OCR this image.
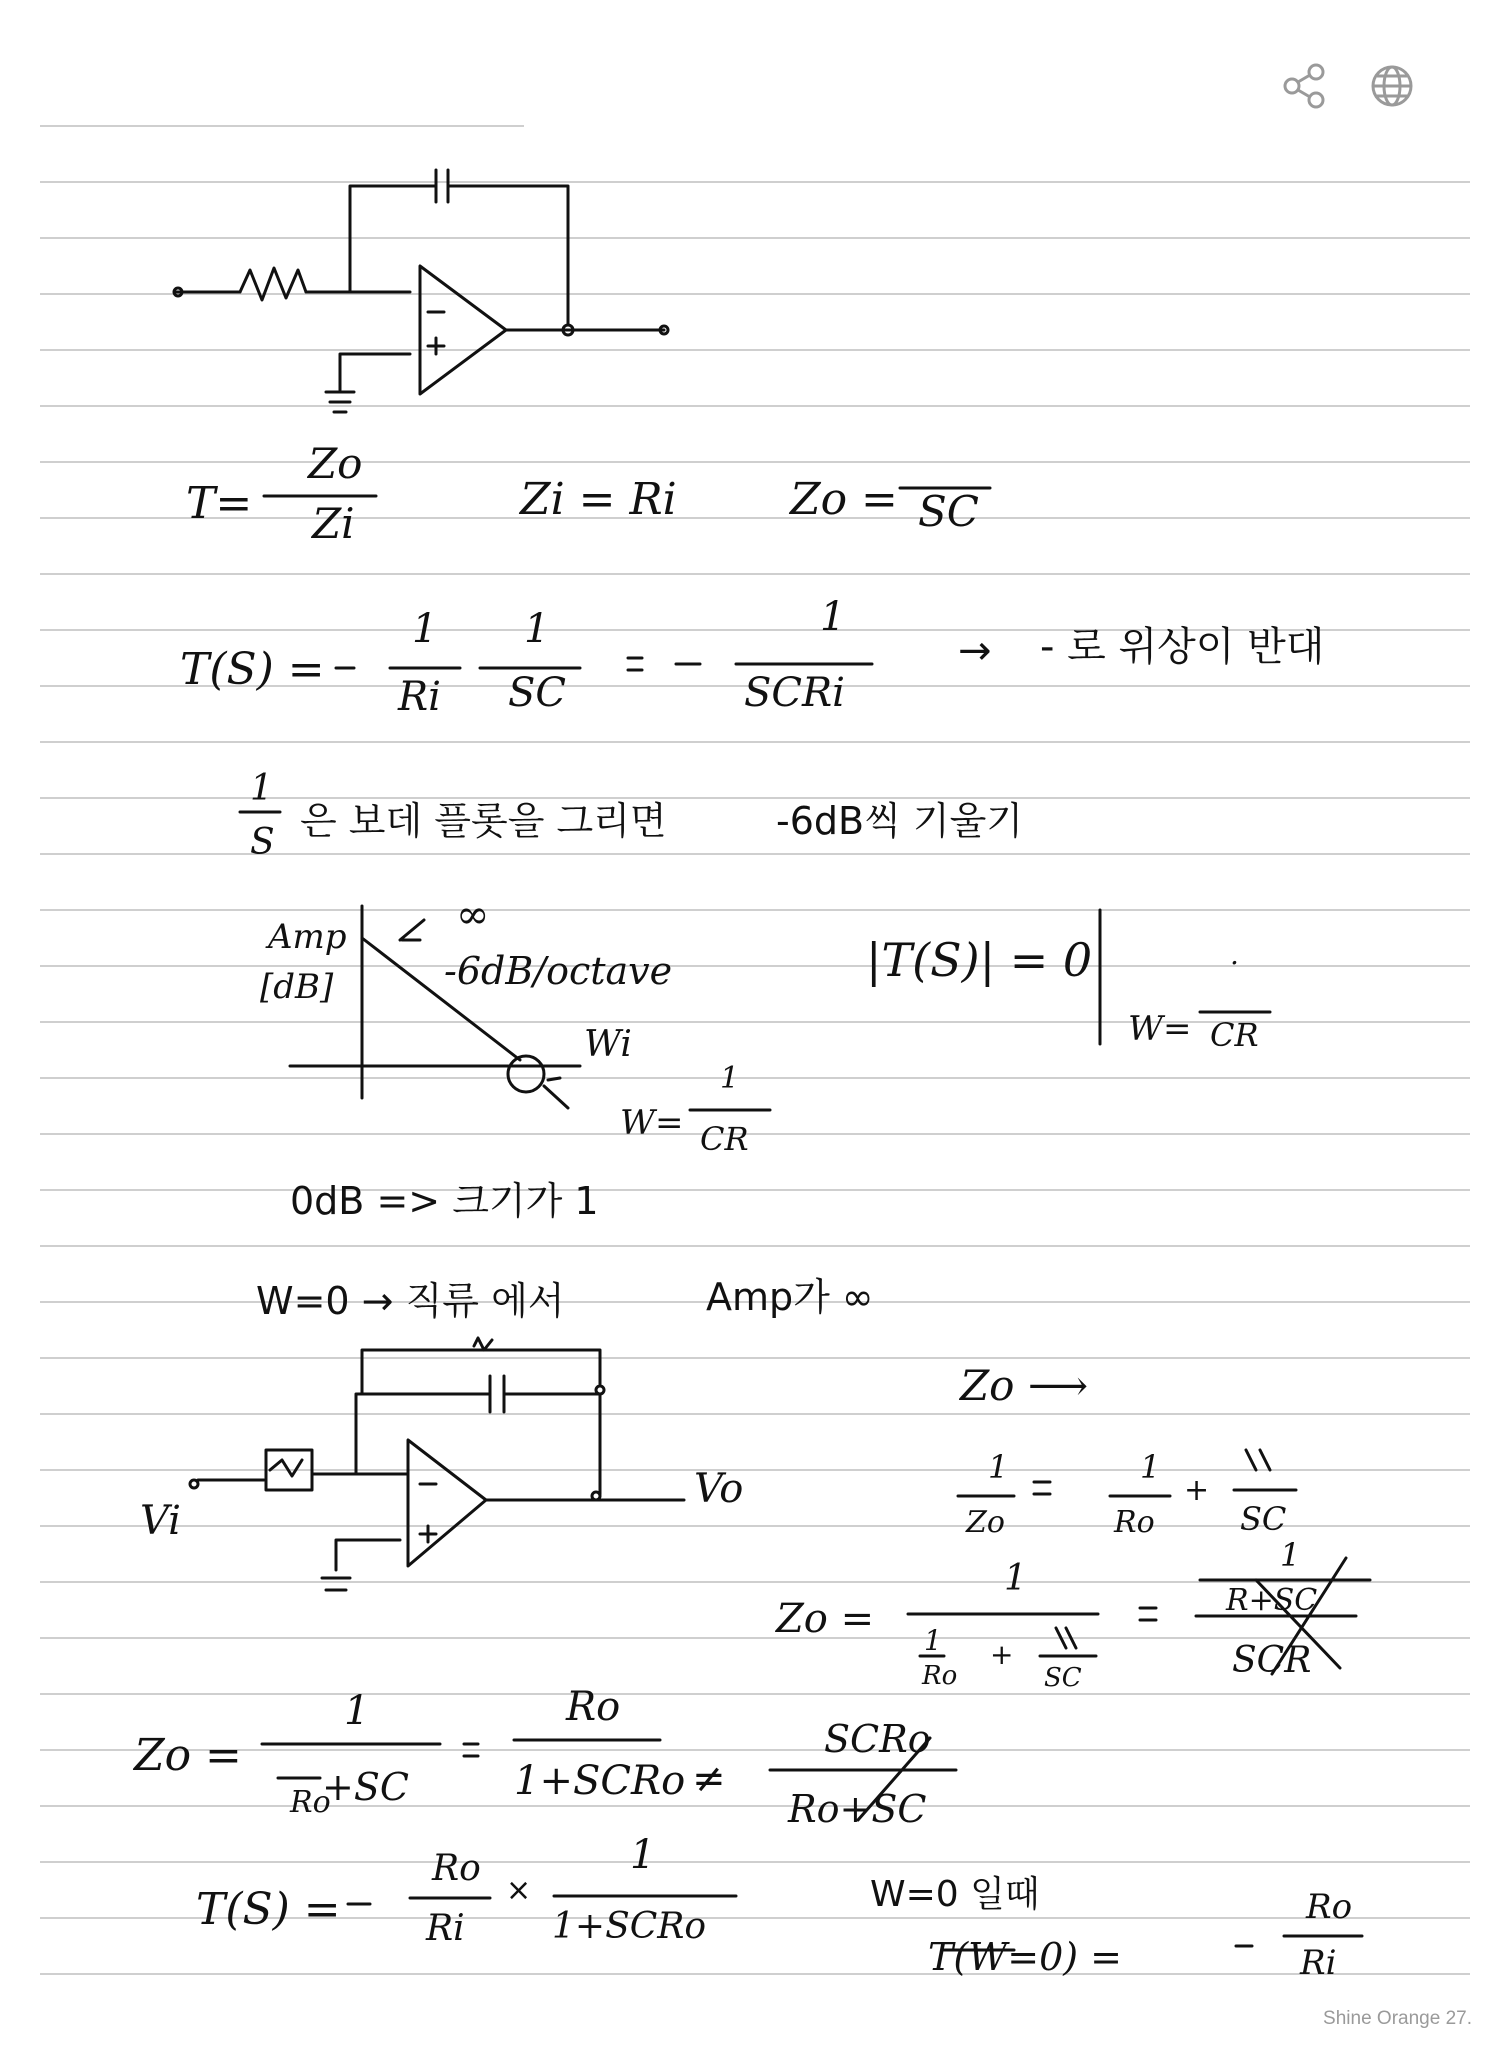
T=
Zo
Zi	Zi = Ri	Zo = SC
T(S) =
1
Ri
1
SC
1
SCRi
→ - 로 위상이 반대
1
S 은 보데 플롯을 그리면	-6dB씩 기울기
Amp
[dB]
∞
-6dB/octave
Wi
W=
1
CR
|T(S)| = 0	.
W= CR
0dB => 크기가 1
W=0 → 직류 에서	Amp가 ∞
Vi
Vo
Zo ⟶
1
Zo
1
Ro
+
SC
Zo =
1
1
Ro
+
SC
1
R+SC
SCR
Zo =
1
Ro
+SC
Ro
1+SCRo ≠
SCRo
Ro+SC
T(S) =
Ro
Ri
×
1
1+SCRo
W=0 일때
T(W=0) =
Ro
Ri
Shine Orange 27.
